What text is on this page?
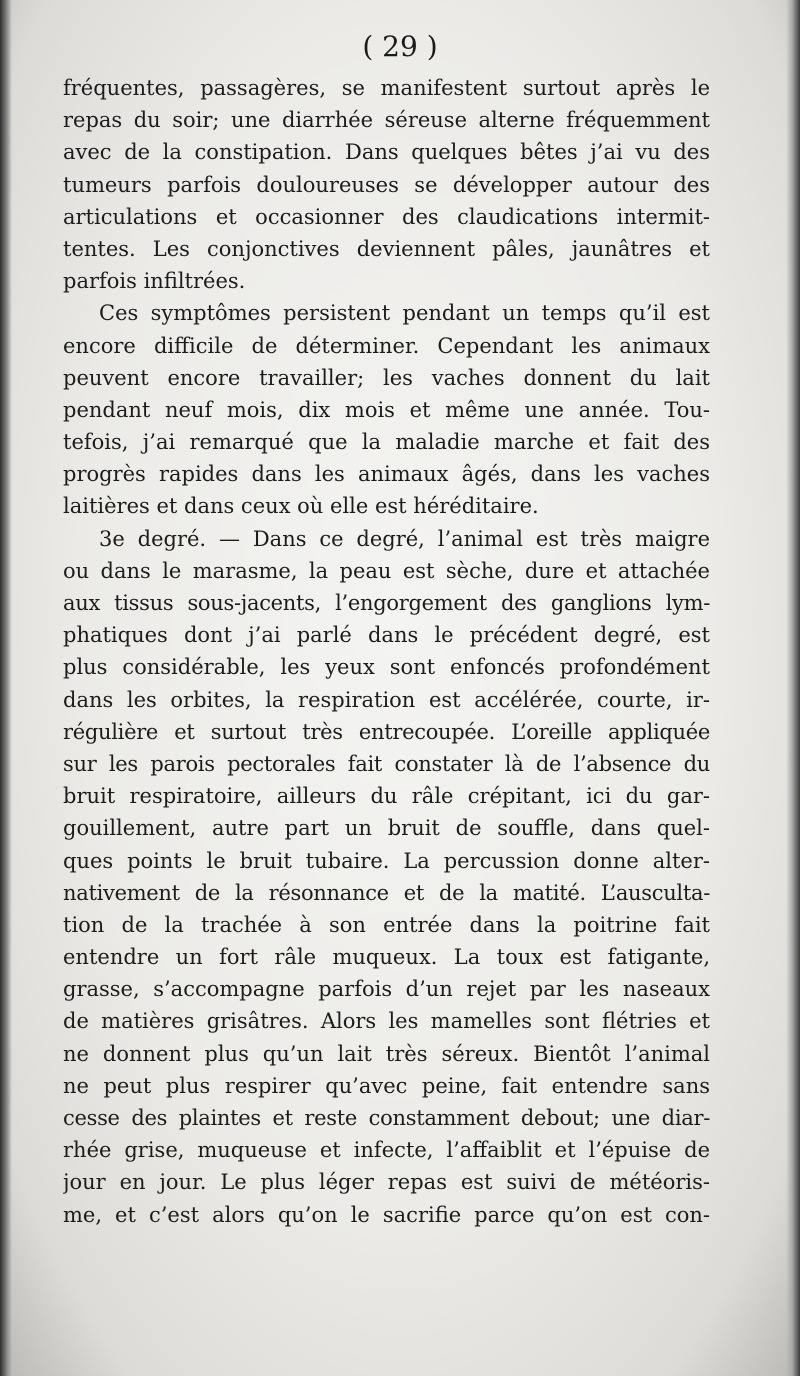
( 29 )
fréquentes, passagères, se manifestent surtout après le
repas du soir; une diarrhée séreuse alterne fréquemment
avec de la constipation. Dans quelques bêtes j’ai vu des
tumeurs parfois douloureuses se développer autour des
articulations et occasionner des claudications intermit-
tentes. Les conjonctives deviennent pâles, jaunâtres et
parfois infiltrées.
Ces symptômes persistent pendant un temps qu’il est
encore difficile de déterminer. Cependant les animaux
peuvent encore travailler; les vaches donnent du lait
pendant neuf mois, dix mois et même une année. Tou-
tefois, j’ai remarqué que la maladie marche et fait des
progrès rapides dans les animaux âgés, dans les vaches
laitières et dans ceux où elle est héréditaire.
3e degré. — Dans ce degré, l’animal est très maigre
ou dans le marasme, la peau est sèche, dure et attachée
aux tissus sous-jacents, l’engorgement des ganglions lym-
phatiques dont j’ai parlé dans le précédent degré, est
plus considérable, les yeux sont enfoncés profondément
dans les orbites, la respiration est accélérée, courte, ir-
régulière et surtout très entrecoupée. L’oreille appliquée
sur les parois pectorales fait constater là de l’absence du
bruit respiratoire, ailleurs du râle crépitant, ici du gar-
gouillement, autre part un bruit de souffle, dans quel-
ques points le bruit tubaire. La percussion donne alter-
nativement de la résonnance et de la matité. L’ausculta-
tion de la trachée à son entrée dans la poitrine fait
entendre un fort râle muqueux. La toux est fatigante,
grasse, s’accompagne parfois d’un rejet par les naseaux
de matières grisâtres. Alors les mamelles sont flétries et
ne donnent plus qu’un lait très séreux. Bientôt l’animal
ne peut plus respirer qu’avec peine, fait entendre sans
cesse des plaintes et reste constamment debout; une diar-
rhée grise, muqueuse et infecte, l’affaiblit et l’épuise de
jour en jour. Le plus léger repas est suivi de météoris-
me, et c’est alors qu’on le sacrifie parce qu’on est con-
